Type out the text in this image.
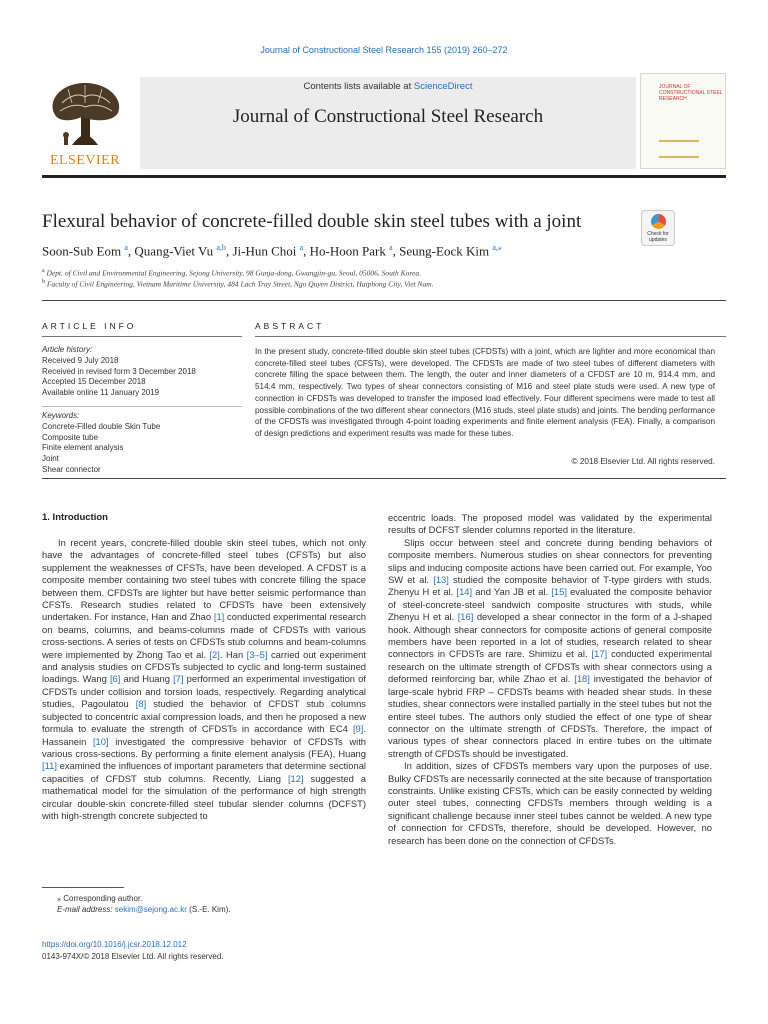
Journal of Constructional Steel Research 155 (2019) 260–272
ELSEVIER
Contents lists available at ScienceDirect
Journal of Constructional Steel Research
JOURNAL OF CONSTRUCTIONAL STEEL RESEARCH
Flexural behavior of concrete-filled double skin steel tubes with a joint
Check for updates
Soon-Sub Eom $^a$, Quang-Viet Vu $^{a,b}$, Ji-Hun Choi $^a$, Ho-Hoon Park $^a$, Seung-Eock Kim $^{a,⁎}$
$^a$ Dept. of Civil and Environmental Engineering, Sejong University, 98 Gunja-dong, Gwangjin-gu, Seoul, 05006, South Korea.
$^b$ Faculty of Civil Engineering, Vietnam Maritime University, 484 Lach Tray Street, Ngo Quyen District, Haiphong City, Viet Nam.
ARTICLE INFO
Article history:
Received 9 July 2018
Received in revised form 3 December 2018
Accepted 15 December 2018
Available online 11 January 2019
Keywords:
Concrete-Filled double Skin Tube
Composite tube
Finite element analysis
Joint
Shear connector
ABSTRACT
In the present study, concrete-filled double skin steel tubes (CFDSTs) with a joint, which are lighter and more economical than concrete-filled steel tubes (CFSTs), were developed. The CFDSTs are made of two steel tubes of different diameters with concrete filling the space between them. The length, the outer and inner diameters of a CFDST are 10 m, 914.4 mm, and 514.4 mm, respectively. Two types of shear connectors consisting of M16 and steel plate studs were used. A new type of connection in CFDSTs was developed to transfer the imposed load effectively. Four different specimens were made to test all possible combinations of the two different shear connectors (M16 studs, steel plate studs) and joints. The bending performance of the CFDSTs was investigated through 4-point loading experiments and finite element analysis (FEA). Finally, a comparison of design predictions and experiment results was made for these tubes.
© 2018 Elsevier Ltd. All rights reserved.
1. Introduction

In recent years, concrete-filled double skin steel tubes, which not only have the advantages of concrete-filled steel tubes (CFSTs) but also supplement the weaknesses of CFSTs, have been developed. A CFDST is a composite member containing two steel tubes with concrete filling the space between them. CFDSTs are lighter but have better seismic performance than CFSTs. Research studies related to CFDSTs have been extensively undertaken. For instance, Han and Zhao [1] conducted experimental research on beams, columns, and beams-columns made of CFDSTs with various cross-sections. A series of tests on CFDSTs stub columns and beam-columns were implemented by Zhong Tao et al. [2]. Han [3–5] carried out experiment and analysis studies on CFDSTs subjected to cyclic and long-term sustained loadings. Wang [6] and Huang [7] performed an experimental investigation of CFDSTs under collision and torsion loads, respectively. Regarding analytical studies, Pagoulatou [8] studied the behavior of CFDST stub columns subjected to concentric axial compression loads, and then he proposed a new formula to evaluate the strength of CFDSTs in accordance with EC4 [9]. Hassanein [10] investigated the compressive behavior of CFDSTs with various cross-sections. By performing a finite element analysis (FEA), Huang [11] examined the influences of important parameters that determine sectional capacities of CFDST stub columns. Recently, Liang [12] suggested a mathematical model for the simulation of the performance of high strength circular double-skin concrete-filled steel tubular slender columns (DCFST) with high-strength concrete subjected to

eccentric loads. The proposed model was validated by the experimental results of DCFST slender columns reported in the literature.

Slips occur between steel and concrete during bending behaviors of composite members. Numerous studies on shear connectors for preventing slips and inducing composite actions have been carried out. For example, Yoo SW et al. [13] studied the composite behavior of T-type girders with studs. Zhenyu H et al. [14] and Yan JB et al. [15] evaluated the composite behavior of steel-concrete-steel sandwich composite structures with studs, while Zhenyu H et al. [16] developed a shear connector in the form of a J-shaped hook. Although shear connectors for composite actions of general composite members have been reported in a lot of studies, research related to shear connectors in CFDSTs are rare. Shimizu et al. [17] conducted experimental research on the ultimate strength of CFDSTs with shear connectors using a deformed reinforcing bar, while Zhao et al. [18] investigated the behavior of large-scale hybrid FRP – CFDSTs beams with headed shear studs. In these studies, shear connectors were installed partially in the steel tubes but not the entire steel tubes. The authors only studied the effect of one type of shear connector on the ultimate strength of CFDSTs. Therefore, the impact of various types of shear connectors placed in entire tubes on the ultimate strength of CFDSTs should be investigated.

In addition, sizes of CFDSTs members vary upon the purposes of use. Bulky CFDSTs are necessarily connected at the site because of transportation constraints. Unlike existing CFSTs, which can be easily connected by welding outer steel tubes, connecting CFDSTs members through welding is a significant challenge because inner steel tubes cannot be welded. A new type of connection for CFDSTs, therefore, should be developed. However, no research has been done on the connection of CFDSTs.

⁎ Corresponding author.
E-mail address: sekim@sejong.ac.kr (S.-E. Kim).
https://doi.org/10.1016/j.jcsr.2018.12.012
0143-974X/© 2018 Elsevier Ltd. All rights reserved.
